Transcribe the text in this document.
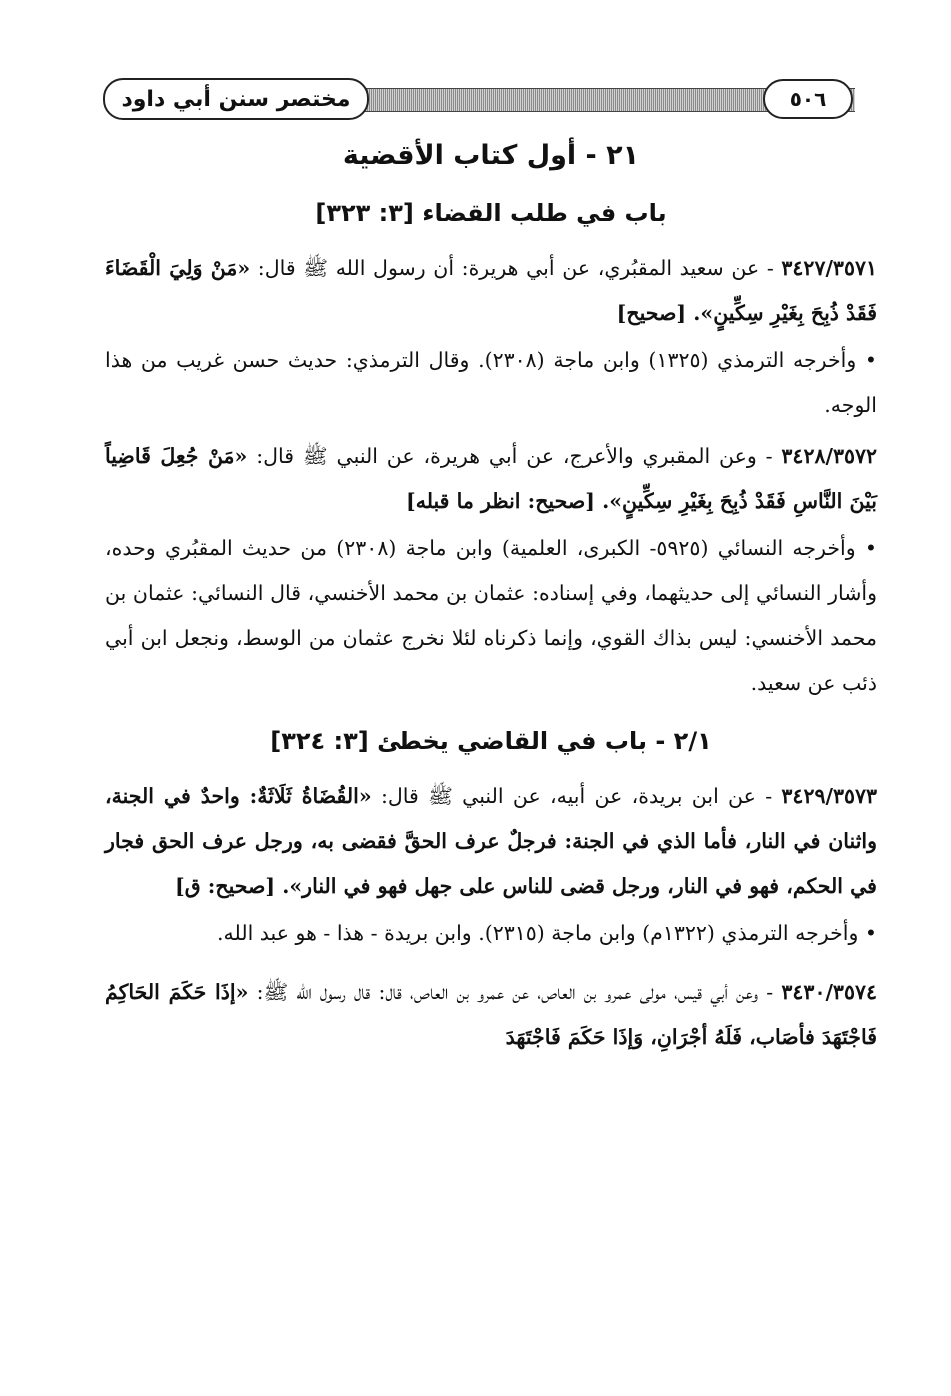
مختصر سنن أبي داود	٥٠٦

٢١ - أول كتاب الأقضية

باب في طلب القضاء [٣: ٣٢٣]

٣٤٢٧/٣٥٧١ - عن سعيد المقبُري، عن أبي هريرة: أن رسول الله ﷺ قال: «مَنْ وَلِيَ الْقَضَاءَ فَقَدْ ذُبِحَ بِغَيْرِ سِكِّينٍ». [صحيح]

• وأخرجه الترمذي (١٣٢٥) وابن ماجة (٢٣٠٨). وقال الترمذي: حديث حسن غريب من هذا الوجه.

٣٤٢٨/٣٥٧٢ - وعن المقبري والأعرج، عن أبي هريرة، عن النبي ﷺ قال: «مَنْ جُعِلَ قَاضِياً بَيْنَ النَّاسِ فَقَدْ ذُبِحَ بِغَيْرِ سِكِّينٍ». [صحيح: انظر ما قبله]

• وأخرجه النسائي (٥٩٢٥- الكبرى، العلمية) وابن ماجة (٢٣٠٨) من حديث المقبُري وحده، وأشار النسائي إلى حديثهما، وفي إسناده: عثمان بن محمد الأخنسي، قال النسائي: عثمان بن محمد الأخنسي: ليس بذاك القوي، وإنما ذكرناه لئلا نخرج عثمان من الوسط، ونجعل ابن أبي ذئب عن سعيد.

٢/١ - باب في القاضي يخطئ [٣: ٣٢٤]

٣٤٢٩/٣٥٧٣ - عن ابن بريدة، عن أبيه، عن النبي ﷺ قال: «القُضَاةُ ثَلَاثَةٌ: واحدٌ في الجنة، واثنان في النار، فأما الذي في الجنة: فرجلٌ عرف الحقَّ فقضى به، ورجل عرف الحق فجار في الحكم، فهو في النار، ورجل قضى للناس على جهل فهو في النار». [صحيح: ق]

• وأخرجه الترمذي (١٣٢٢م) وابن ماجة (٢٣١٥). وابن بريدة - هذا - هو عبد الله.

٣٤٣٠/٣٥٧٤ - وعن أبي قيس، مولى عمرو بن العاص، عن عمرو بن العاص، قال: قال رسول الله ﷺ: «إذَا حَكَمَ الحَاكِمُ فَاجْتَهَدَ فأصَاب، فَلَهُ أجْرَانِ، وَإذَا حَكَمَ فَاجْتَهَدَ
